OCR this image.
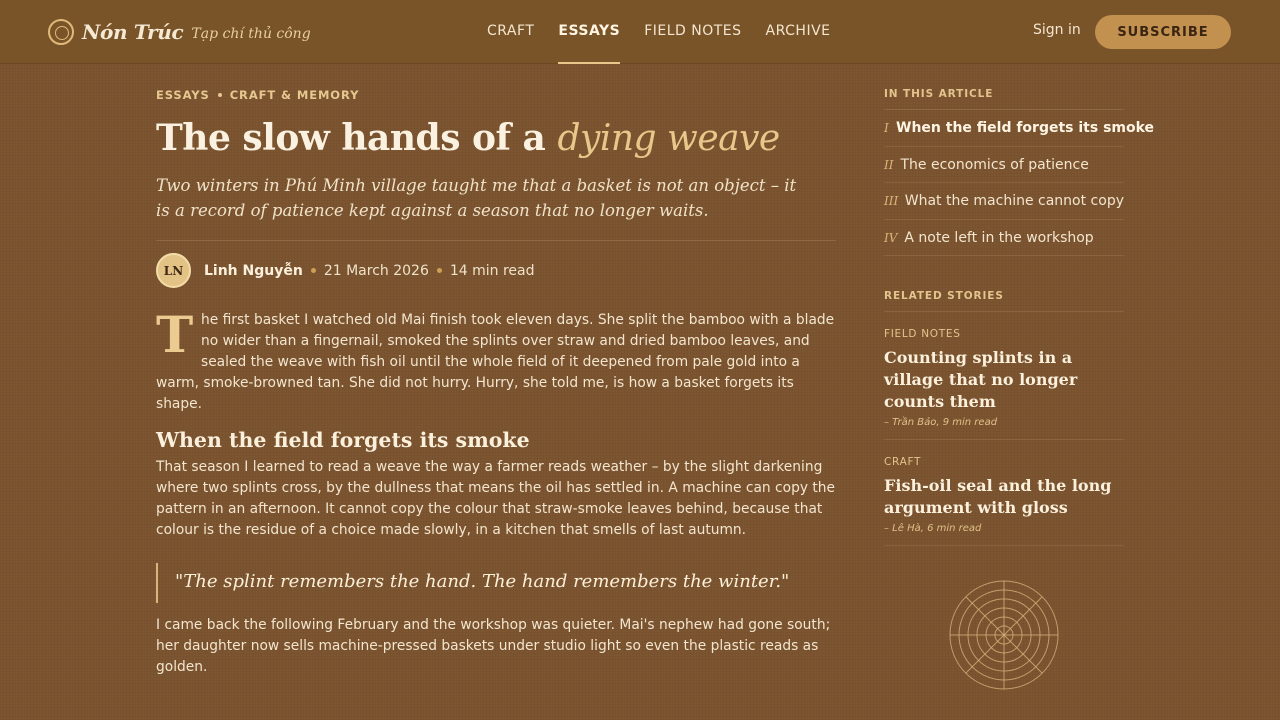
Nón Trúc Tạp chí thủ công	CRAFT ESSAYS FIELD NOTES ARCHIVE	Sign in	SUBSCRIBE
ESSAYS CRAFT & MEMORY
The slow hands of a dying weave

Two winters in Phú Minh village taught me that a basket is not an object – it is a record of patience kept against a season that no longer waits.

LN	Linh Nguyễn 21 March 2026 14 min read

T he first basket I watched old Mai finish took eleven days. She split the bamboo with a blade no wider than a fingernail, smoked the splints over straw and dried bamboo leaves, and sealed the weave with fish oil until the whole field of it deepened from pale gold into a warm, smoke-browned tan. She did not hurry. Hurry, she told me, is how a basket forgets its shape.

When the field forgets its smoke

That season I learned to read a weave the way a farmer reads weather – by the slight darkening where two splints cross, by the dullness that means the oil has settled in. A machine can copy the pattern in an afternoon. It cannot copy the colour that straw-smoke leaves behind, because that colour is the residue of a choice made slowly, in a kitchen that smells of last autumn.

"The splint remembers the hand. The hand remembers the winter."

I came back the following February and the workshop was quieter. Mai's nephew had gone south; her daughter now sells machine-pressed baskets under studio light so even the plastic reads as golden.

IN THIS ARTICLE
I When the field forgets its smoke
II The economics of patience
III What the machine cannot copy
IV A note left in the workshop
RELATED STORIES
FIELD NOTES
Counting splints in a village that no longer counts them
– Trần Bảo, 9 min read
CRAFT
Fish-oil seal and the long argument with gloss
– Lê Hà, 6 min read
